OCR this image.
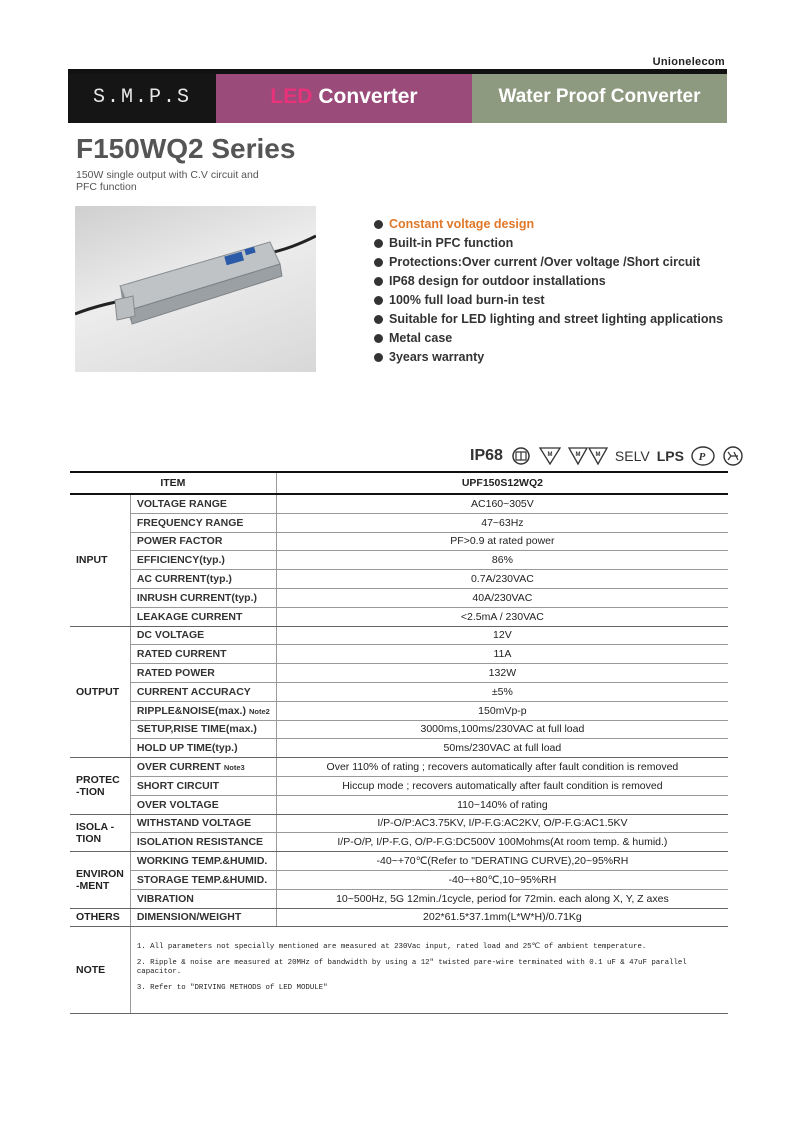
Unionelecom
S.M.P.S	LED Converter	Water Proof Converter
F150WQ2 Series
150W single output with C.V circuit and PFC function
Constant voltage design
Built-in PFC function
Protections:Over current /Over voltage /Short circuit
IP68 design for outdoor installations
100% full load burn-in test
Suitable for LED lighting and street lighting applications
Metal case
3years warranty
IP68	M	M	M SELV LPS P
ITEM		UPF150S12WQ2
INPUT	VOLTAGE RANGE	AC160~305V
	FREQUENCY RANGE	47~63Hz
	POWER FACTOR	PF>0.9 at rated power
	EFFICIENCY(typ.)	86%
	AC CURRENT(typ.)	0.7A/230VAC
	INRUSH CURRENT(typ.)	40A/230VAC
	LEAKAGE CURRENT	<2.5mA / 230VAC
OUTPUT	DC VOLTAGE	12V
	RATED CURRENT	11A
	RATED POWER	132W
	CURRENT ACCURACY	±5%
	RIPPLE&NOISE(max.) Note2	150mVp-p
	SETUP,RISE TIME(max.)	3000ms,100ms/230VAC at full load
	HOLD UP TIME(typ.)	50ms/230VAC at full load
PROTEC -TION	OVER CURRENT Note3	Over 110% of rating ; recovers automatically after fault condition is removed
	SHORT CIRCUIT	Hiccup mode ; recovers automatically after fault condition is removed
	OVER VOLTAGE	110~140% of rating
ISOLA -TION	WITHSTAND VOLTAGE	I/P-O/P:AC3.75KV, I/P-F.G:AC2KV, O/P-F.G:AC1.5KV
	ISOLATION RESISTANCE	I/P-O/P, I/P-F.G, O/P-F.G:DC500V 100Mohms(At room temp. & humid.)
ENVIRON -MENT	WORKING TEMP.&HUMID.	-40~+70℃(Refer to "DERATING CURVE),20~95%RH
	STORAGE TEMP.&HUMID.	-40~+80℃,10~95%RH
	VIBRATION	10~500Hz, 5G 12min./1cycle, period for 72min. each along X, Y, Z axes
OTHERS	DIMENSION/WEIGHT	202*61.5*37.1mm(L*W*H)/0.71Kg
NOTE	1. All parameters not specially mentioned are measured at 230Vac input, rated load and 25℃ of ambient temperature.
2. Ripple & noise are measured at 20MHz of bandwidth by using a 12" twisted pare-wire terminated with 0.1 uF & 47uF parallel capacitor.
3. Refer to "DRIVING METHODS of LED MODULE"	
